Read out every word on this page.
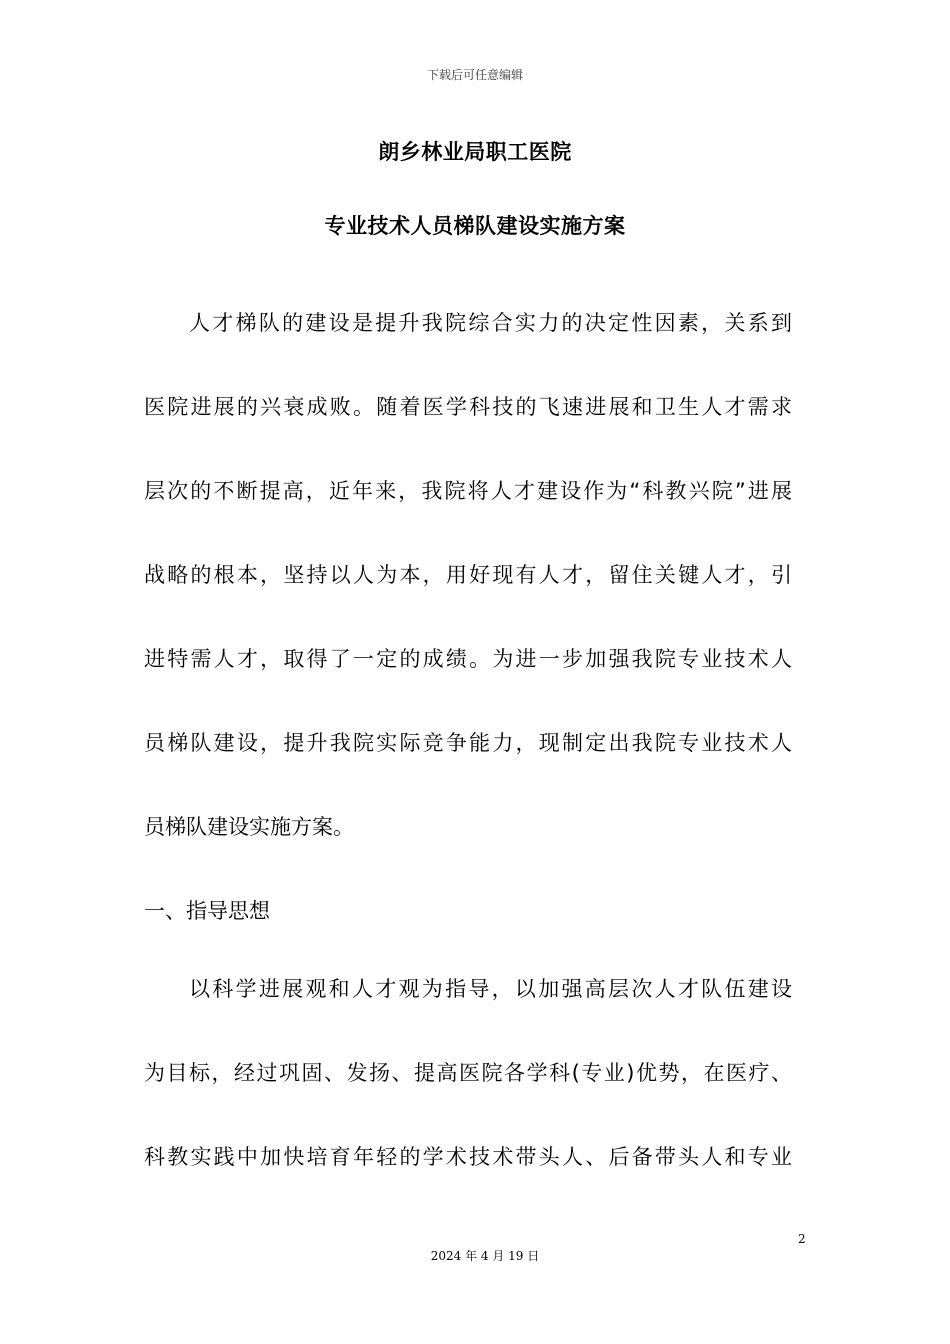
下载后可任意编辑
朗乡林业局职工医院
专业技术人员梯队建设实施方案
人才梯队的建设是提升我院综合实力的决定性因素，关系到
医院进展的兴衰成败。随着医学科技的飞速进展和卫生人才需求
层次的不断提高，近年来，我院将人才建设作为“科教兴院”进展
战略的根本，坚持以人为本，用好现有人才，留住关键人才，引
进特需人才，取得了一定的成绩。为进一步加强我院专业技术人
员梯队建设，提升我院实际竞争能力，现制定出我院专业技术人
员梯队建设实施方案。
一、指导思想
以科学进展观和人才观为指导，以加强高层次人才队伍建设
为目标，经过巩固、发扬、提高医院各学科(专业)优势，在医疗、
科教实践中加快培育年轻的学术技术带头人、后备带头人和专业
2
2024 年 4 月 19 日
